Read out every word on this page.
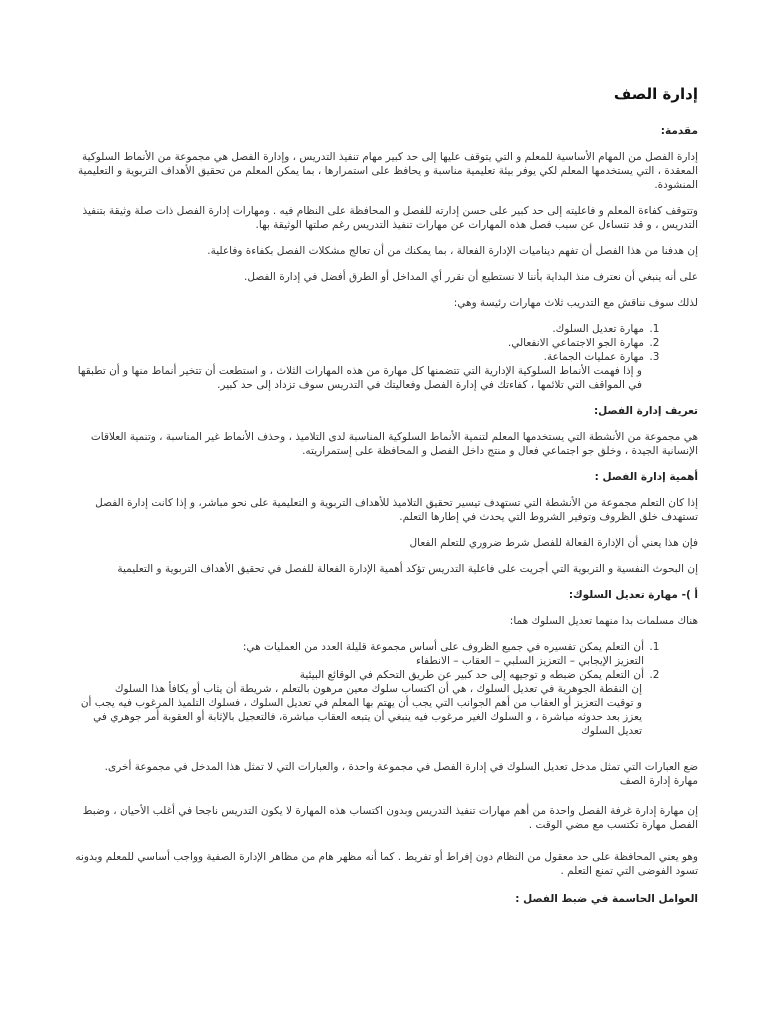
إدارة الصف
مقدمة:
إدارة الفصل من المهام الأساسية للمعلم و التي يتوقف عليها إلى حد كبير مهام تنفيذ التدريس ، وإدارة الفصل هي مجموعة من الأنماط السلوكية المعقدة ، التي يستخدمها المعلم لكي يوفر بيئة تعليمية مناسبة و يحافظ على استمرارها ، بما يمكن المعلم من تحقيق الأهداف التربوية و التعليمية المنشودة.
وتتوقف كفاءة المعلم و فاعليته إلى حد كبير على حسن إدارته للفصل و المحافظة على النظام فيه . ومهارات إدارة الفصل ذات صلة وثيقة بتنفيذ التدريس ، و قد تتساءل عن سبب فصل هذه المهارات عن مهارات تنفيذ التدريس رغم صلتها الوثيقة بها.
إن هدفنا من هذا الفصل أن تفهم ديناميات الإدارة الفعالة ، بما يمكنك من أن تعالج مشكلات الفصل بكفاءة وفاعلية.
على أنه ينبغي أن نعترف منذ البداية بأننا لا نستطيع أن نقرر أي المداخل أو الطرق أفضل في إدارة الفصل.
لذلك سوف نناقش مع التدريب ثلاث مهارات رئيسة وهي:
1. مهارة تعديل السلوك.
2. مهارة الجو الاجتماعي الانفعالي.
3. مهارة عمليات الجماعة.
و إذا فهمت الأنماط السلوكية الإدارية التي تتضمنها كل مهارة من هذه المهارات الثلاث ، و استطعت أن تتخير أنماط منها و أن تطبقها في المواقف التي تلائمها ، كفاءتك في إدارة الفصل وفعاليتك في التدريس سوف تزداد إلى حد كبير.
تعريف إدارة الفصل:
هي مجموعة من الأنشطة التي يستخدمها المعلم لتنمية الأنماط السلوكية المناسبة لدى التلاميذ ، وحذف الأنماط غير المناسبة ، وتنمية العلاقات الإنسانية الجيدة ، وخلق جو اجتماعي فعال و منتج داخل الفصل و المحافظة على إستمراريته.
أهمية إدارة الفصل :
إذا كان التعلم مجموعة من الأنشطة التي تستهدف تيسير تحقيق التلاميذ للأهداف التربوية و التعليمية على نحو مباشر، و إذا كانت إدارة الفصل تستهدف خلق الظروف وتوفير الشروط التي يحدث في إطارها التعلم.
فإن هذا يعني أن الإدارة الفعالة للفصل شرط ضروري للتعلم الفعال
إن البحوث النفسية و التربوية التي أجريت على فاعلية التدريس تؤكد أهمية الإدارة الفعالة للفصل في تحقيق الأهداف التربوية و التعليمية
أ )- مهارة تعديل السلوك:
هناك مسلمات بدا منهما تعديل السلوك هما:
1. أن التعلم يمكن تفسيره في جميع الظروف على أساس مجموعة قليلة العدد من العمليات هي:
التعزيز الإيجابي – التعزيز السلبي – العقاب – الانطفاء
2. أن التعلم يمكن ضبطه و توجيهه إلى حد كبير عن طريق التحكم في الوقائع البيئية
إن النقطة الجوهرية في تعديل السلوك ، هي أن اكتساب سلوك معين مرهون بالتعلم ، شريطة أن يثاب أو يكافأ هذا السلوك
و توقيت التعزيز أو العقاب من أهم الجوانب التي يجب أن يهتم بها المعلم في تعديل السلوك ، فسلوك التلميذ المرغوب فيه يجب أن يعزز بعد حدوثه مباشرة ، و السلوك الغير مرغوب فيه ينبغي أن يتبعه العقاب مباشرة، فالتعجيل بالإثابة أو العقوبة أمر جوهري في تعديل السلوك
ضع العبارات التي تمثل مدخل تعديل السلوك في إدارة الفصل في مجموعة واحدة ، والعبارات التي لا تمثل هذا المدخل في مجموعة أخرى.
مهارة إدارة الصف
إن مهارة إدارة غرفة الفصل واحدة من أهم مهارات تنفيذ التدريس وبدون اكتساب هذه المهارة لا يكون التدريس ناجحا في أغلب الأحيان ، وضبط الفصل مهارة تكتسب مع مضي الوقت .
وهو يعني المحافظة على حد معقول من النظام دون إفراط أو تفريط . كما أنه مظهر هام من مظاهر الإدارة الصفية وواجب أساسي للمعلم وبدونه تسود الفوضى التي تمنع التعلم .
العوامل الحاسمة في ضبط الفصل :
